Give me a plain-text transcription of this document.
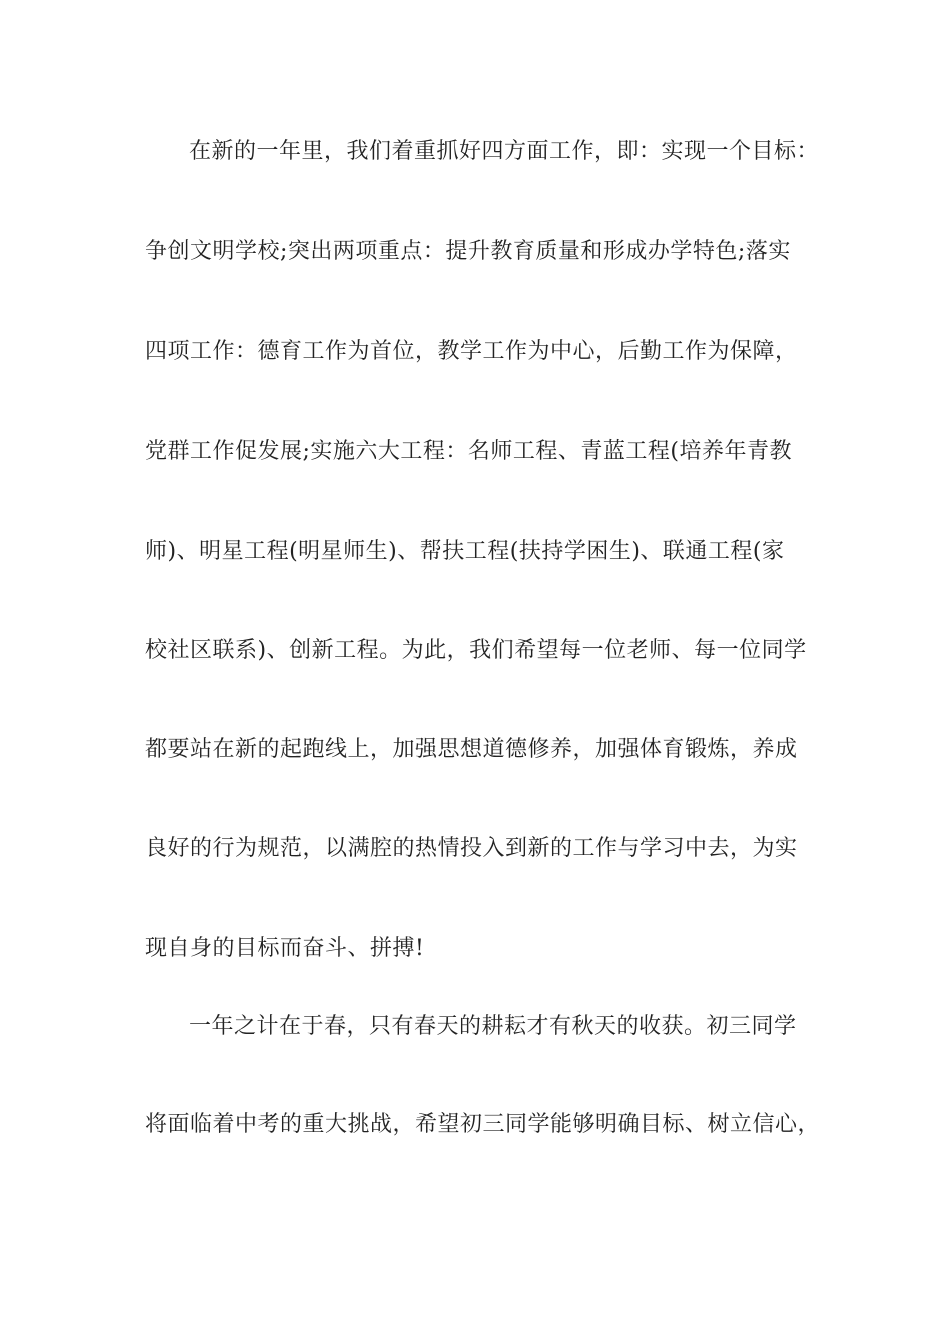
在新的一年里，我们着重抓好四方面工作，即：实现一个目标：
争创文明学校;突出两项重点：提升教育质量和形成办学特色;落实
四项工作：德育工作为首位，教学工作为中心，后勤工作为保障，
党群工作促发展;实施六大工程：名师工程、青蓝工程(培养年青教
师)、明星工程(明星师生)、帮扶工程(扶持学困生)、联通工程(家
校社区联系)、创新工程。为此，我们希望每一位老师、每一位同学
都要站在新的起跑线上，加强思想道德修养，加强体育锻炼，养成
良好的行为规范，以满腔的热情投入到新的工作与学习中去，为实
现自身的目标而奋斗、拼搏!
一年之计在于春，只有春天的耕耘才有秋天的收获。初三同学
将面临着中考的重大挑战，希望初三同学能够明确目标、树立信心，
